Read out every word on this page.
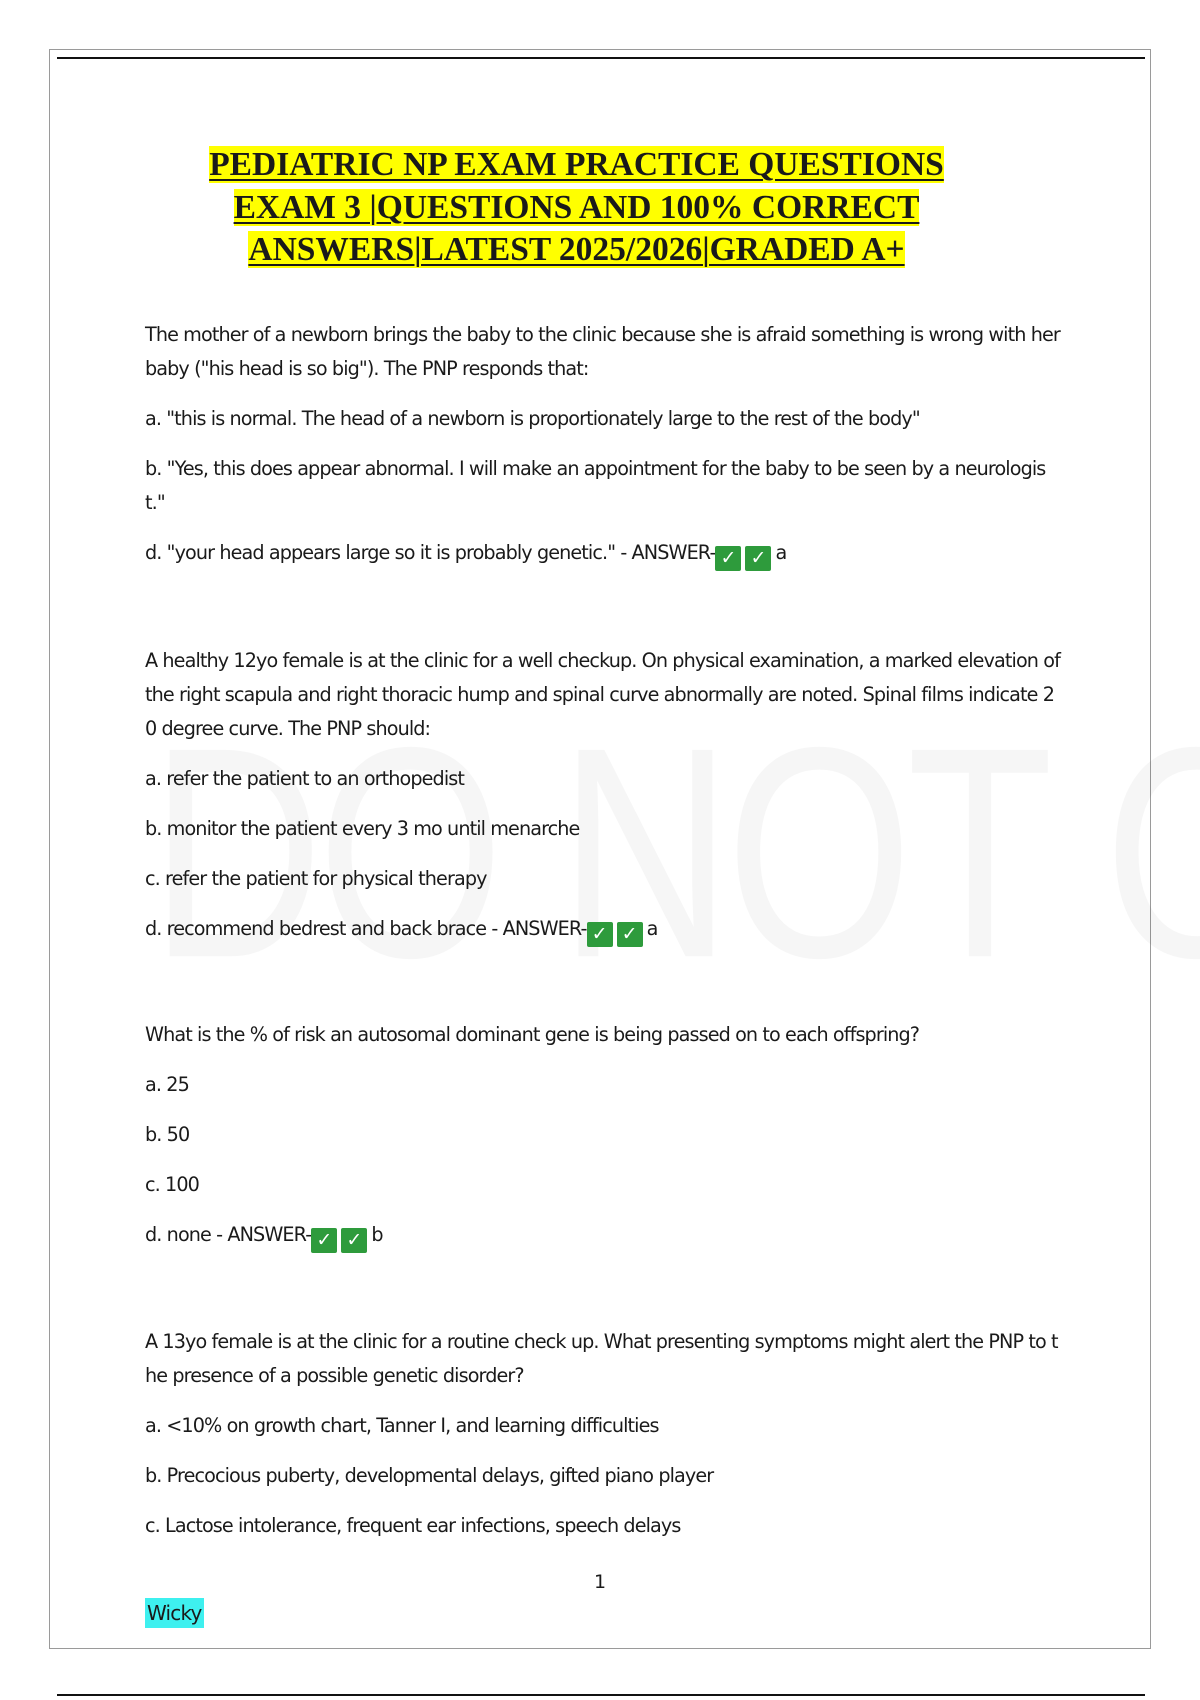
PEDIATRIC NP EXAM PRACTICE QUESTIONS
EXAM 3 |QUESTIONS AND 100% CORRECT
ANSWERS|LATEST 2025/2026|GRADED A+

The mother of a newborn brings the baby to the clinic because she is afraid something is wrong with her baby ("his head is so big"). The PNP responds that:

a. "this is normal. The head of a newborn is proportionately large to the rest of the body"

b. "Yes, this does appear abnormal. I will make an appointment for the baby to be seen by a neurologist."

d. "your head appears large so it is probably genetic." - ANSWER- ✓ ✓ a

A healthy 12yo female is at the clinic for a well checkup. On physical examination, a marked elevation of the right scapula and right thoracic hump and spinal curve abnormally are noted. Spinal films indicate 20 degree curve. The PNP should:

a. refer the patient to an orthopedist

b. monitor the patient every 3 mo until menarche

c. refer the patient for physical therapy

d. recommend bedrest and back brace - ANSWER- ✓ ✓ a

What is the % of risk an autosomal dominant gene is being passed on to each offspring?

a. 25

b. 50

c. 100

d. none - ANSWER- ✓ ✓ b

A 13yo female is at the clinic for a routine check up. What presenting symptoms might alert the PNP to the presence of a possible genetic disorder?

a. <10% on growth chart, Tanner I, and learning difficulties

b. Precocious puberty, developmental delays, gifted piano player

c. Lactose intolerance, frequent ear infections, speech delays

1
Wicky
